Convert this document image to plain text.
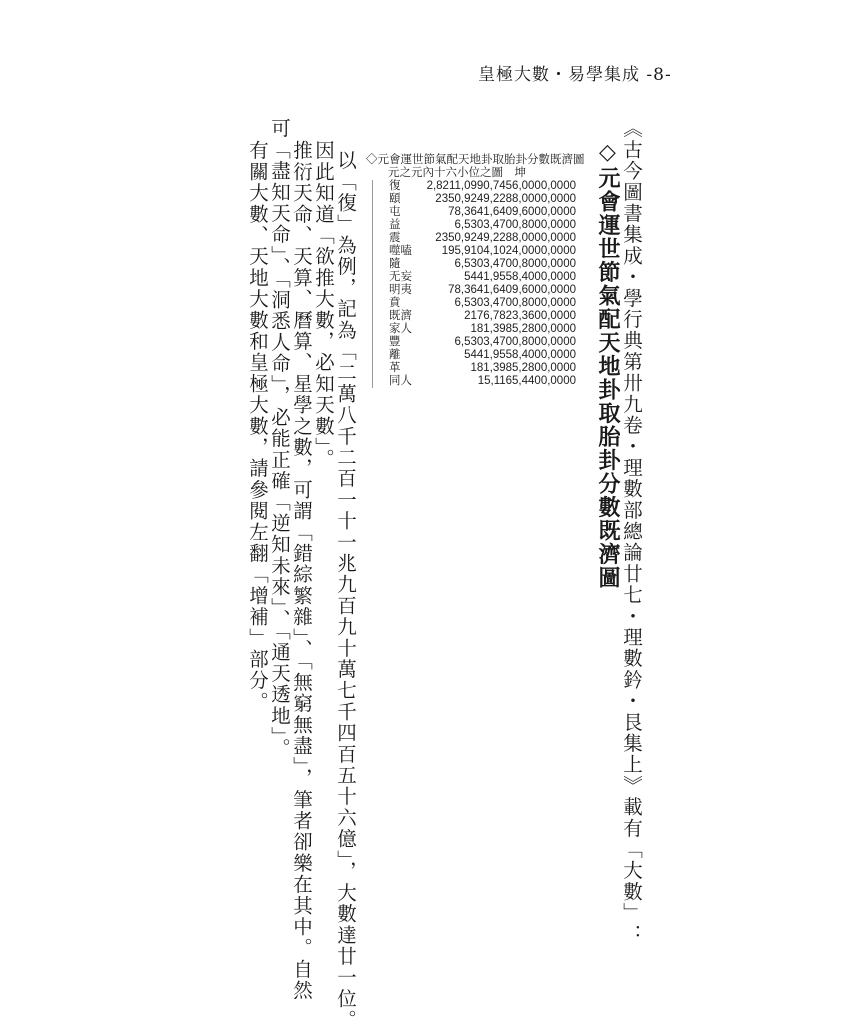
皇極大數・易學集成 -8-
《古今圖書集成・學行典第卅九卷・理數部總論廿七・理數鈐・艮集上》載有「大數」：
◇元會運世節氣配天地卦取胎卦分數既濟圖
◇元會運世節氣配天地卦取胎卦分數既濟圖
元之元內十六小位之圖　坤
復 2,8211,0990,7456,0000,0000
頤	2350,9249,2288,0000,0000
屯	78,3641,6409,6000,0000
益	6,5303,4700,8000,0000
震	2350,9249,2288,0000,0000
噬嗑	195,9104,1024,0000,0000
隨	6,5303,4700,8000,0000
无妄	5441,9558,4000,0000
明夷	78,3641,6409,6000,0000
賁	6,5303,4700,8000,0000
既濟	2176,7823,3600,0000
家人	181,3985,2800,0000
豐	6,5303,4700,8000,0000
離	5441,9558,4000,0000
革	181,3985,2800,0000
同人	15,1165,4400,0000
以「復」為例，記為「二萬八千二百一十一兆九百九十萬七千四百五十六億」，大數達廿一位。
因此知道「欲推大數，必知天數」。
推衍天命、天算、曆算、星學之數，可謂「錯綜繁雜」、「無窮無盡」，筆者卻樂在其中。自然
可「盡知天命」、「洞悉人命」，必能正確「逆知未來」、「通天透地」。
有關大數、天地大數和皇極大數，請參閱左翻「增補」部分。
